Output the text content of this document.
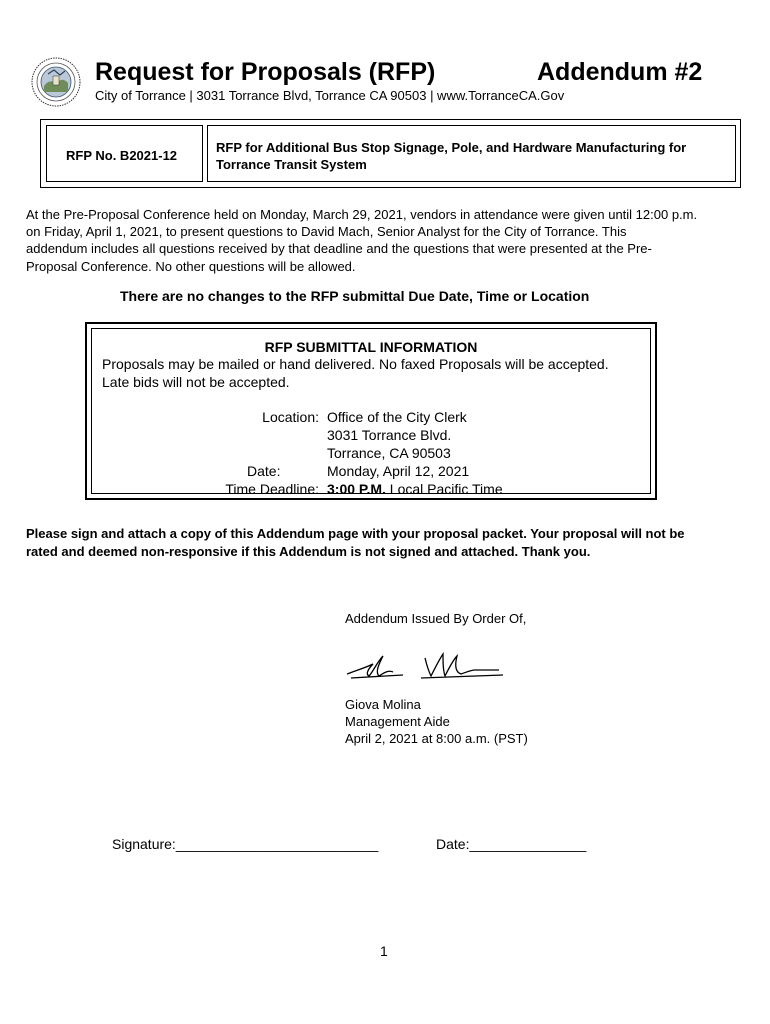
Request for Proposals (RFP)	Addendum #2
City of Torrance | 3031 Torrance Blvd, Torrance CA 90503 | www.TorranceCA.Gov
RFP No. B2021-12
RFP for Additional Bus Stop Signage, Pole, and Hardware Manufacturing for
Torrance Transit System
At the Pre-Proposal Conference held on Monday, March 29, 2021, vendors in attendance were given until 12:00 p.m.
on Friday, April 1, 2021, to present questions to David Mach, Senior Analyst for the City of Torrance. This
addendum includes all questions received by that deadline and the questions that were presented at the Pre-
Proposal Conference. No other questions will be allowed.
There are no changes to the RFP submittal Due Date, Time or Location
RFP SUBMITTAL INFORMATION
Proposals may be mailed or hand delivered. No faxed Proposals will be accepted.
Late bids will not be accepted.
Location: Office of the City Clerk
3031 Torrance Blvd.
Torrance, CA 90503
Date:	Monday, April 12, 2021
Time Deadline: 3:00 P.M. Local Pacific Time
Please sign and attach a copy of this Addendum page with your proposal packet. Your proposal will not be
rated and deemed non-responsive if this Addendum is not signed and attached. Thank you.
Addendum Issued By Order Of,
Giova Molina
Management Aide
April 2, 2021 at 8:00 a.m. (PST)
Signature:__________________________	Date:_______________
1
